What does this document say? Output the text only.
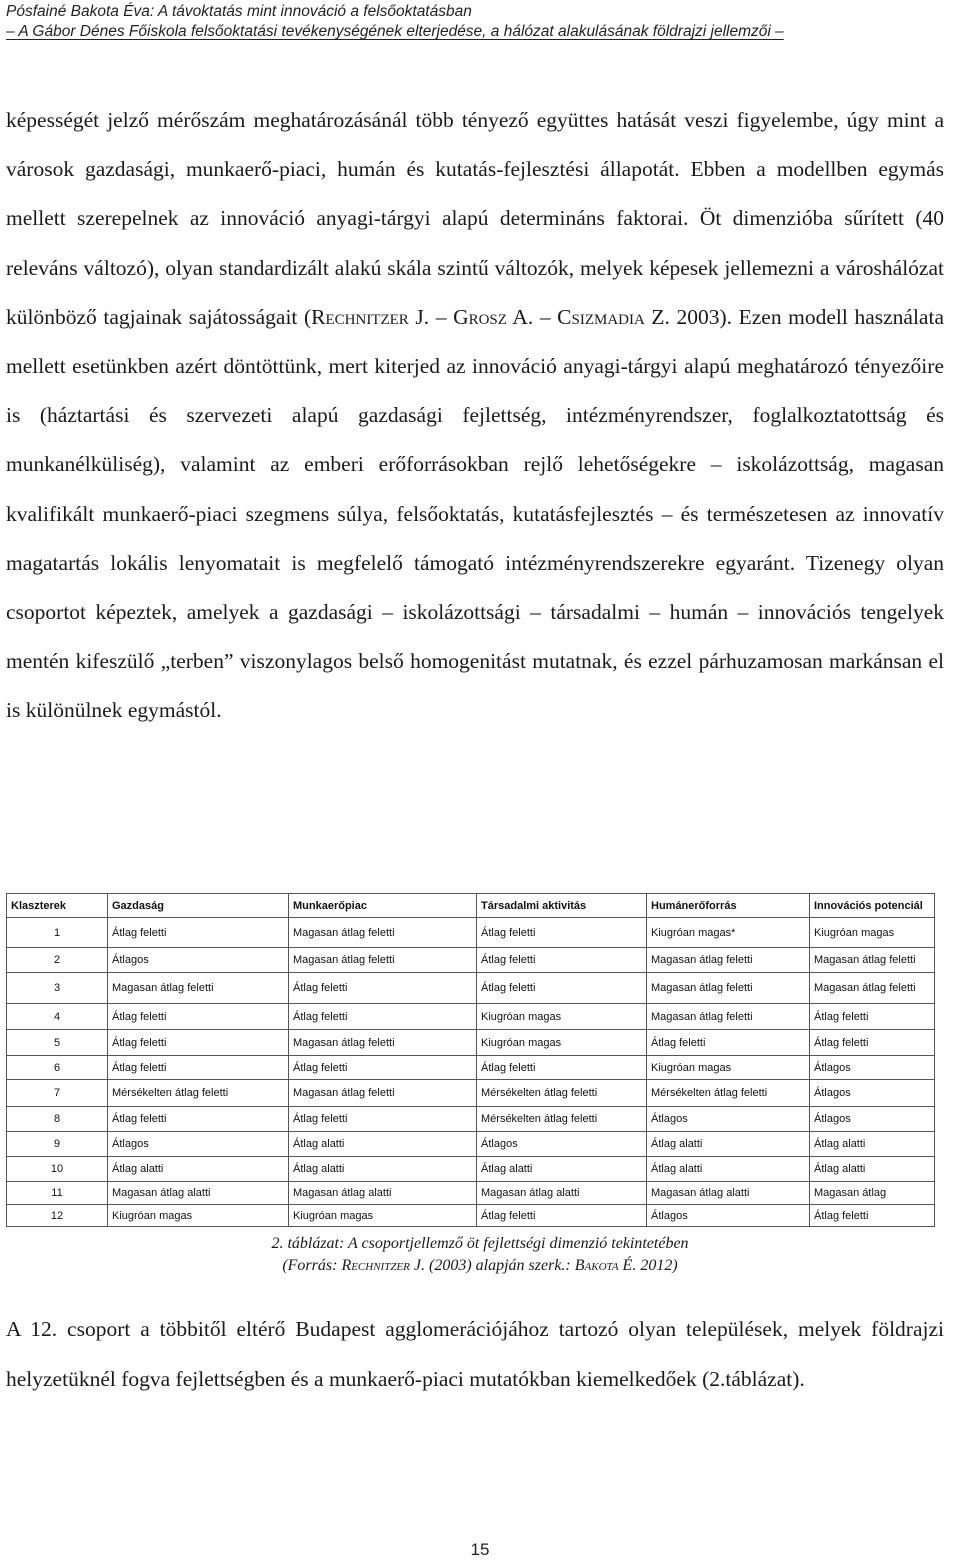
Pósfainé Bakota Éva: A távoktatás mint innováció a felsőoktatásban
– A Gábor Dénes Főiskola felsőoktatási tevékenységének elterjedése, a hálózat alakulásának földrajzi jellemzői –
képességét jelző mérőszám meghatározásánál több tényező együttes hatását veszi figyelembe, úgy mint a városok gazdasági, munkaerő-piaci, humán és kutatás-fejlesztési állapotát. Ebben a modellben egymás mellett szerepelnek az innováció anyagi-tárgyi alapú determináns faktorai. Öt dimenzióba sűrített (40 releváns változó), olyan standardizált alakú skála szintű változók, melyek képesek jellemezni a városhálózat különböző tagjainak sajátosságait (Rechnitzer J. – Grosz A. – Csizmadia Z. 2003). Ezen modell használata mellett esetünkben azért döntöttünk, mert kiterjed az innováció anyagi-tárgyi alapú meghatározó tényezőire is (háztartási és szervezeti alapú gazdasági fejlettség, intézményrendszer, foglalkoztatottság és munkanélküliség), valamint az emberi erőforrásokban rejlő lehetőségekre – iskolázottság, magasan kvalifikált munkaerő-piaci szegmens súlya, felsőoktatás, kutatásfejlesztés – és természetesen az innovatív magatartás lokális lenyomatait is megfelelő támogató intézményrendszerekre egyaránt. Tizenegy olyan csoportot képeztek, amelyek a gazdasági – iskolázottsági – társadalmi – humán – innovációs tengelyek mentén kifeszülő „terben” viszonylagos belső homogenitást mutatnak, és ezzel párhuzamosan markánsan el is különülnek egymástól.
Klaszterek	Gazdaság	Munkaerőpiac	Társadalmi aktivitás	Humánerőforrás	Innovációs potenciál
1	Átlag feletti	Magasan átlag feletti	Átlag feletti	Kiugróan magas*	Kiugróan magas
2	Átlagos	Magasan átlag feletti	Átlag feletti	Magasan átlag feletti	Magasan átlag feletti
3	Magasan átlag feletti	Átlag feletti	Átlag feletti	Magasan átlag feletti	Magasan átlag feletti
4	Átlag feletti	Átlag feletti	Kiugróan magas	Magasan átlag feletti	Átlag feletti
5	Átlag feletti	Magasan átlag feletti	Kiugróan magas	Átlag feletti	Átlag feletti
6	Átlag feletti	Átlag feletti	Átlag feletti	Kiugróan magas	Átlagos
7	Mérsékelten átlag feletti	Magasan átlag feletti	Mérsékelten átlag feletti	Mérsékelten átlag feletti	Átlagos
8	Átlag feletti	Átlag feletti	Mérsékelten átlag feletti	Átlagos	Átlagos
9	Átlagos	Átlag alatti	Átlagos	Átlag alatti	Átlag alatti
10	Átlag alatti	Átlag alatti	Átlag alatti	Átlag alatti	Átlag alatti
11	Magasan átlag alatti	Magasan átlag alatti	Magasan átlag alatti	Magasan átlag alatti	Magasan átlag
12	Kiugróan magas	Kiugróan magas	Átlag feletti	Átlagos	Átlag feletti
2. táblázat: A csoportjellemző öt fejlettségi dimenzió tekintetében
(Forrás: Rechnitzer J. (2003) alapján szerk.: Bakota É. 2012)
A 12. csoport a többitől eltérő Budapest agglomerációjához tartozó olyan települések, melyek földrajzi helyzetüknél fogva fejlettségben és a munkaerő-piaci mutatókban kiemelkedőek (2.táblázat).
15
